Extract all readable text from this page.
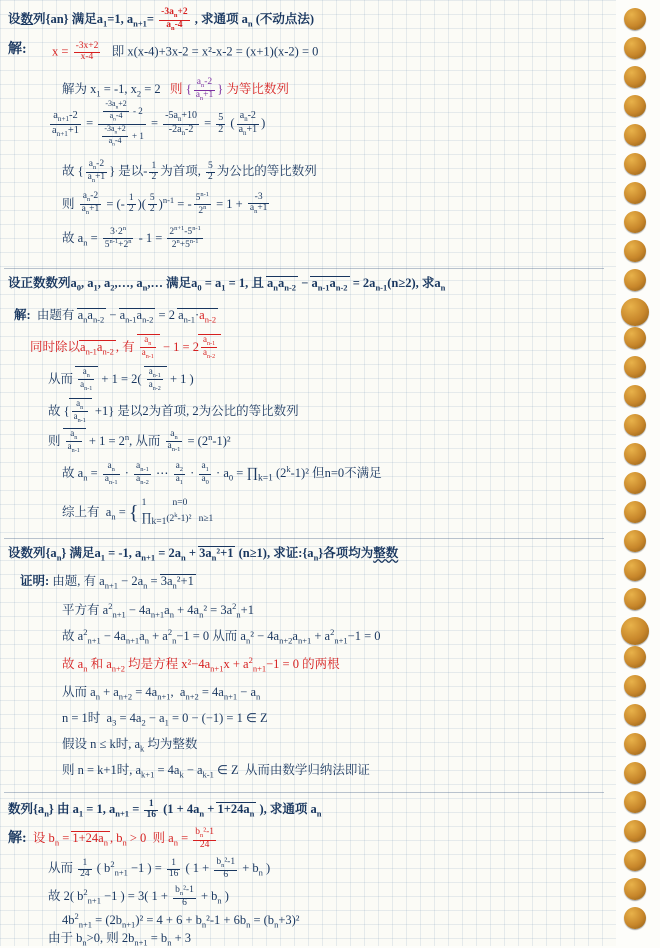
设数列{an} 满足$a_1=1$, $a_{n+1}= \frac{-3a_n+2}{a_n-4}$ , 求通项 $a_n$ (不动点法)
解: $x = \frac{-3x+2}{x-4}$ 即 x(x-4)+3x-2 = x²-x-2 = (x+1)(x-2) = 0
解为 $x_1 = -1$, $x_2 = 2$   则 { $\frac{a_n-2}{a_n+1}$ } 为等比数列
$\frac{a_{n+1}-2}{a_{n+1}+1} = \frac{\frac{-3a_n+2}{a_n-4} - 2}{\frac{-3a_n+2}{a_n-4} + 1} = \frac{-5a_n+10}{-2a_n-2} = \frac{5}{2}$ ( $\frac{a_n-2}{a_n+1}$ )
故 { $\frac{a_n-2}{a_n+1}$ } 是以- $\frac{1}{2}$ 为首项, $\frac{5}{2}$ 为公比的等比数列
则 $\frac{a_n-2}{a_n+1}$ = (- $\frac{1}{2}$ )( $\frac{5}{2} )^{n-1}$ = - $\frac{5^{n-1}}{2^n} = 1 + \frac{-3}{a_n+1}$
故 $a_n = \frac{3\cdot 2^n}{5^{n-1}+2^n} - 1 = \frac{2^{n+1}-5^{n-1}}{2^n+5^{n-1}}$
设正数数列$a_0$, $a_1$, $a_2,\dots$, $a_n,\dots$ 满足$a_0 = a_1 = 1$, 且 $a_na_{n-2} - a_{n-1}a_{n-2} = 2a_{n-1}(n\ge 2)$, 求$a_n$
解:  由题有 $a_na_{n-2} - a_{n-1}a_{n-2} = 2$ $a_{n-1}\cdot a_{n-2}$
同时除以$a_{n-1}a_{n-2}$ , 有 $\frac{a_n}{a_{n-1}} - 1 = 2 \frac{a_{n-1}}{a_{n-2}}$
从而 $\frac{a_n}{a_{n-1}} + 1 = 2( \frac{a_{n-1}}{a_{n-2}} + 1$ )
故 { $\frac{a_n}{a_{n-1}} +1$} 是以2为首项, 2为公比的等比数列
则 $\frac{a_n}{a_{n-1}} + 1 = 2^n$, 从而 $\frac{a_n}{a_{n-1}} = (2^n-1)^2$
故 $a_n = \frac{a_n}{a_{n-1}} \cdot \frac{a_{n-1}}{a_{n-2}}$ ⋯ $\frac{a_2}{a_1} \cdot \frac{a_1}{a_0} \cdot a_0$ = $\prod_{k=1}$ (2$^k$-1)² 但n=0不满足
综上有  $a_n$ = { 1           n=0
$\prod_{k=1}(2^k-1)^2$   n≥1
设数列$\{a_n\}$ 满足$a_1 = -1$, $a_{n+1} = 2a_n + 3a_n^2+1$ (n≥1), 求证$:\{a_n\}$各项均为整数
证明: 由题, 有 $a_{n+1} - 2a_n = 3a_n^2+1$
平方有 $a^2_{n+1} - 4a_{n+1}a_n + 4a_n^2 = 3a^2_n+1$
故 $a^2_{n+1} - 4a_{n+1}a_n + a^2_n-1 = 0$ 从而 $a_n^2 - 4a_{n+2}a_{n+1} + a^2_{n+1}-1 = 0$
故 $a_n$ 和 $a_{n+2}$ 均是方程 $x^2-4a_{n+1}x + a^2_{n+1}-1 = 0$ 的两根
从而 $a_n + a_{n+2} = 4a_{n+1}$,  $a_{n+2} = 4a_{n+1} - a_n$
n = 1时  $a_3 = 4a_2 - a_1 = 0 - (-1) = 1$ ∈ Z
假设 n ≤ k时, $a_k$ 均为整数
则 n = k+1时, $a_{k+1} = 4a_k - a_{k-1}$ ∈ Z  从而由数学归纳法即证
数列$\{a_n\}$ 由 $a_1 = 1$, $a_{n+1} = \frac{1}{16} (1 + 4a_n + 1+24a_n$ ), 求通项 $a_n$
解:  设 $b_n = 1+24a_n$ , $b_n > 0$  则 $a_n = \frac{b_n^2-1}{24}$
从而 $\frac{1}{24}$ ( $b^2_{n+1} -1$ ) = $\frac{1}{16}$ ( $1 + \frac{b_n^2-1}{6} + b_n$ )
故 2( $b^2_{n+1} -1$ ) = 3( $1 + \frac{b_n^2-1}{6} + b_n$ )
$4b^2_{n+1} = (2b_{n+1})^2 = 4 + 6 + b_n^2-1 + 6b_n = (b_n+3)^2$
由于 $b_n>0$, 则 $2b_{n+1} = b_n + 3$
